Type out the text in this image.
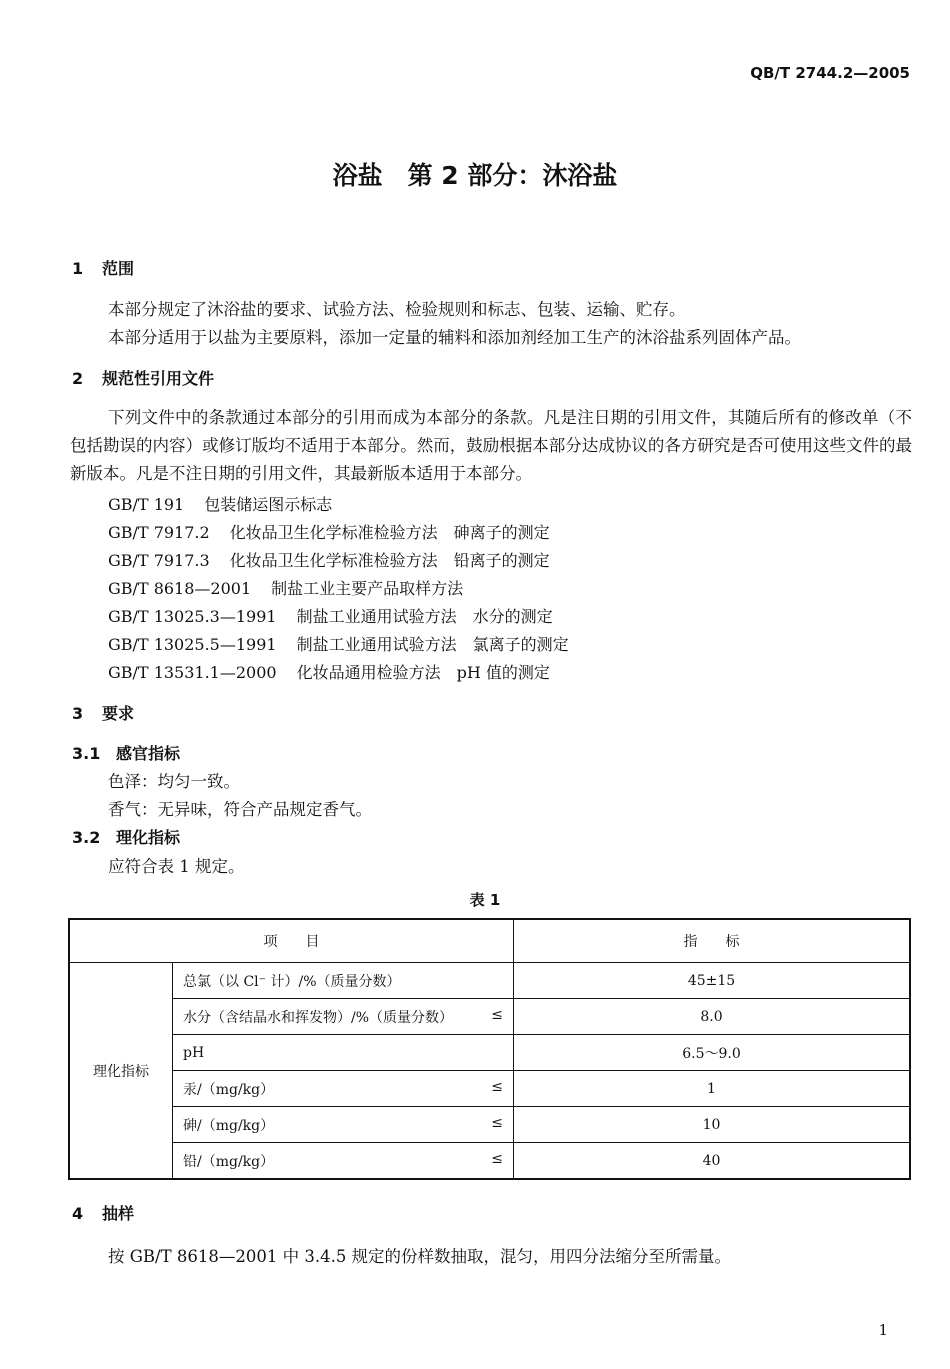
QB/T 2744.2—2005
浴盐　第 2 部分：沐浴盐
1 范围
本部分规定了沐浴盐的要求、试验方法、检验规则和标志、包装、运输、贮存。
本部分适用于以盐为主要原料，添加一定量的辅料和添加剂经加工生产的沐浴盐系列固体产品。
2 规范性引用文件
下列文件中的条款通过本部分的引用而成为本部分的条款。凡是注日期的引用文件，其随后所有的修改单（不包括勘误的内容）或修订版均不适用于本部分。然而，鼓励根据本部分达成协议的各方研究是否可使用这些文件的最新版本。凡是不注日期的引用文件，其最新版本适用于本部分。
GB/T 191 包装储运图示标志
GB/T 7917.2 化妆品卫生化学标准检验方法　砷离子的测定
GB/T 7917.3 化妆品卫生化学标准检验方法　铅离子的测定
GB/T 8618—2001 制盐工业主要产品取样方法
GB/T 13025.3—1991 制盐工业通用试验方法　水分的测定
GB/T 13025.5—1991 制盐工业通用试验方法　氯离子的测定
GB/T 13531.1—2000 化妆品通用检验方法　pH 值的测定
3 要求
3.1 感官指标
色泽：均匀一致。
香气：无异味，符合产品规定香气。
3.2 理化指标
应符合表 1 规定。
表 1
项　　目		指　　标
理化指标	总氯（以 Cl⁻ 计）/%（质量分数）	45±15
	水分（含结晶水和挥发物）/%（质量分数） ≤	8.0
	pH	6.5～9.0
	汞/（mg/kg） ≤	1
	砷/（mg/kg） ≤	10
	铅/（mg/kg） ≤	40
4 抽样
按 GB/T 8618—2001 中 3.4.5 规定的份样数抽取，混匀，用四分法缩分至所需量。
1
